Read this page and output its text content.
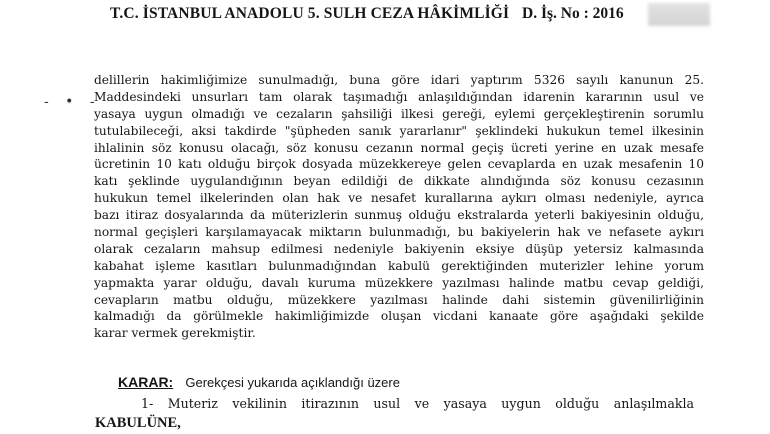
T.C. İSTANBUL ANADOLU 5. SULH CEZA HÂKİMLİĞİ D. İş. No : 2016
- • -
delillerin hakimliğimize sunulmadığı, buna göre idari yaptırım 5326 sayılı kanunun 25.
Maddesindeki unsurları tam olarak taşımadığı anlaşıldığından idarenin kararının usul ve
yasaya uygun olmadığı ve cezaların şahsiliği ilkesi gereği, eylemi gerçekleştirenin sorumlu
tutulabileceği, aksi takdirde "şüpheden sanık yararlanır" şeklindeki hukukun temel ilkesinin
ihlalinin söz konusu olacağı, söz konusu cezanın normal geçiş ücreti yerine en uzak mesafe
ücretinin 10 katı olduğu birçok dosyada müzekkereye gelen cevaplarda en uzak mesafenin 10
katı şeklinde uygulandığının beyan edildiği de dikkate alındığında söz konusu cezasının
hukukun temel ilkelerinden olan hak ve nesafet kurallarına aykırı olması nedeniyle, ayrıca
bazı itiraz dosyalarında da müterizlerin sunmuş olduğu ekstralarda yeterli bakiyesinin olduğu,
normal geçişleri karşılamayacak miktarın bulunmadığı, bu bakiyelerin hak ve nefasete aykırı
olarak cezaların mahsup edilmesi nedeniyle bakiyenin eksiye düşüp yetersiz kalmasında
kabahat işleme kasıtları bulunmadığından kabulü gerektiğinden muterizler lehine yorum
yapmakta yarar olduğu, davalı kuruma müzekkere yazılması halinde matbu cevap geldiği,
cevapların matbu olduğu, müzekkere yazılması halinde dahi sistemin güvenilirliğinin
kalmadığı da görülmekle hakimliğimizde oluşan vicdani kanaate göre aşağıdaki şekilde
karar vermek gerekmiştir.
KARAR: Gerekçesi yukarıda açıklandığı üzere
1- Muteriz vekilinin itirazının usul ve yasaya uygun olduğu anlaşılmakla
KABULÜNE,
